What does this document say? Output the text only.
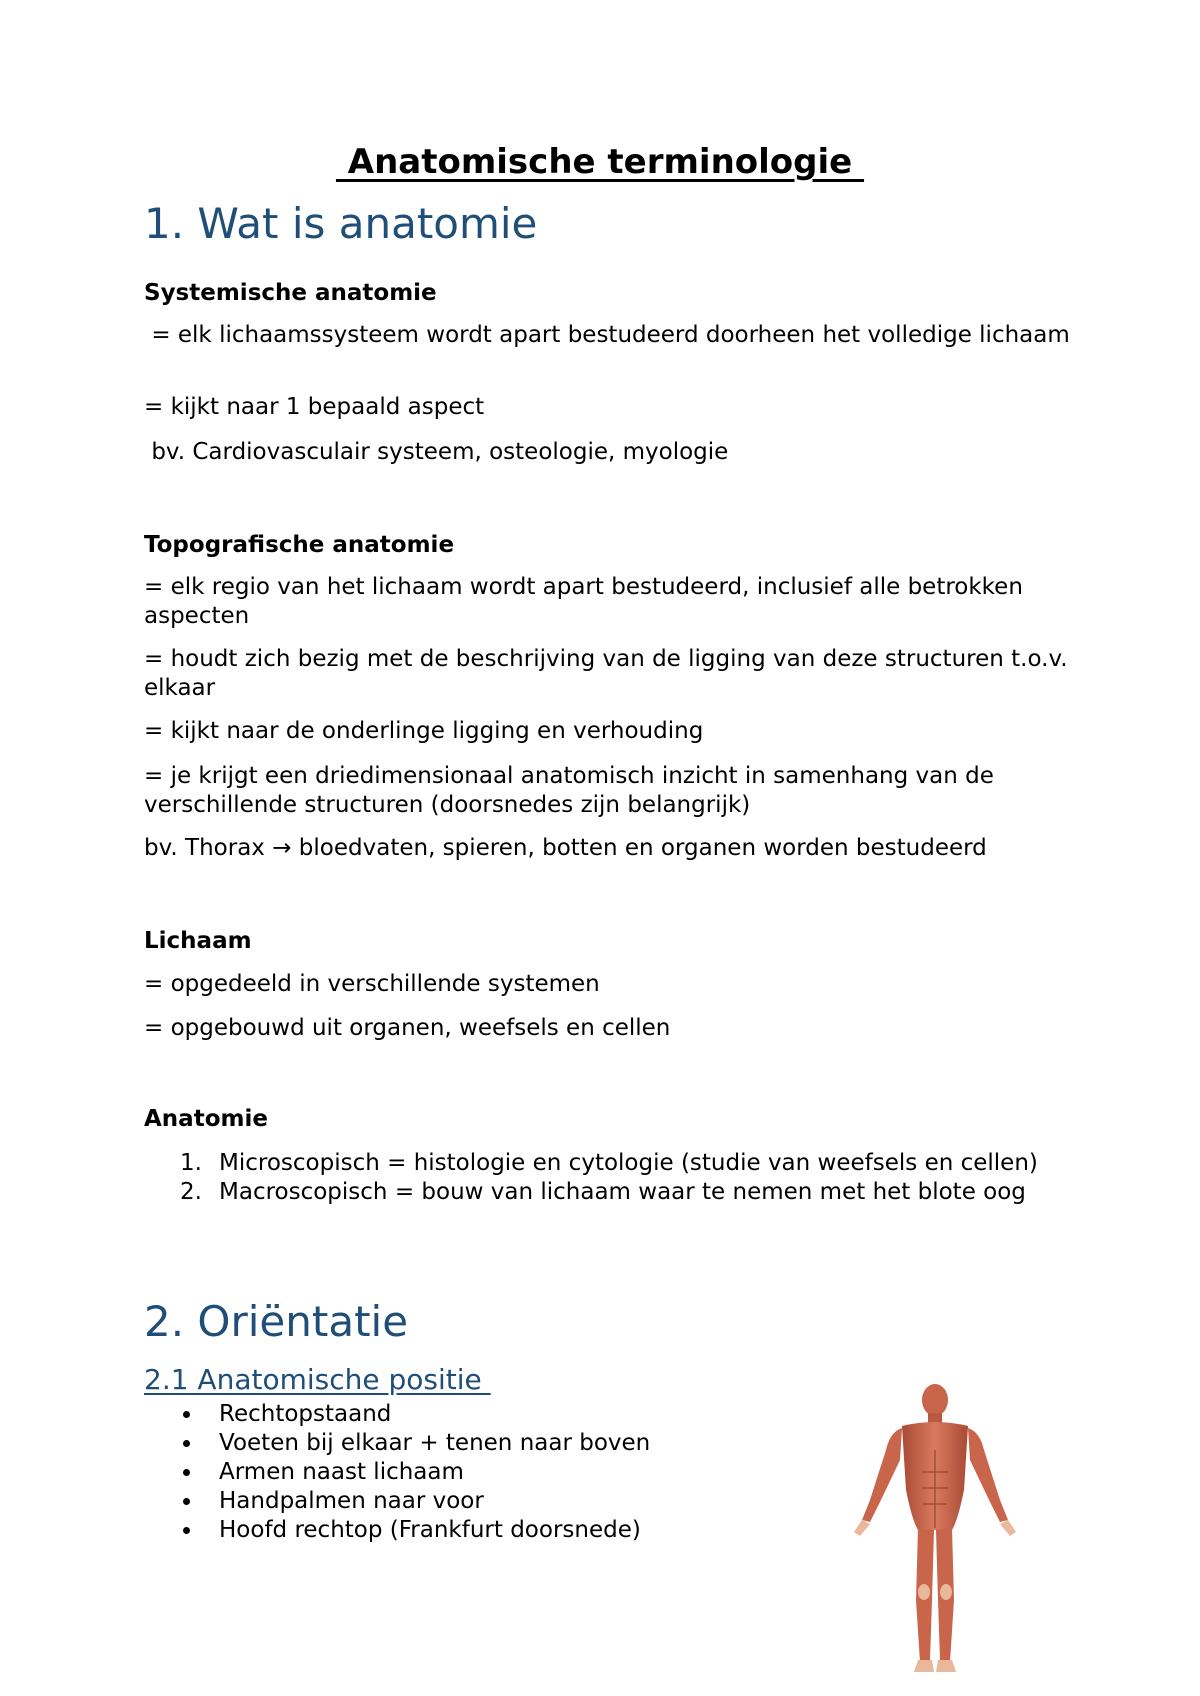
Anatomische terminologie
1. Wat is anatomie
Systemische anatomie
= elk lichaamssysteem wordt apart bestudeerd doorheen het volledige lichaam
= kijkt naar 1 bepaald aspect
bv. Cardiovasculair systeem, osteologie, myologie
Topografische anatomie
= elk regio van het lichaam wordt apart bestudeerd, inclusief alle betrokken aspecten
= houdt zich bezig met de beschrijving van de ligging van deze structuren t.o.v. elkaar
= kijkt naar de onderlinge ligging en verhouding
= je krijgt een driedimensionaal anatomisch inzicht in samenhang van de verschillende structuren (doorsnedes zijn belangrijk)
bv. Thorax → bloedvaten, spieren, botten en organen worden bestudeerd
Lichaam
= opgedeeld in verschillende systemen
= opgebouwd uit organen, weefsels en cellen
Anatomie
1. Microscopisch = histologie en cytologie (studie van weefsels en cellen)
2. Macroscopisch = bouw van lichaam waar te nemen met het blote oog
2. Oriëntatie
2.1 Anatomische positie
Rechtopstaand
Voeten bij elkaar + tenen naar boven
Armen naast lichaam
Handpalmen naar voor
Hoofd rechtop (Frankfurt doorsnede)
